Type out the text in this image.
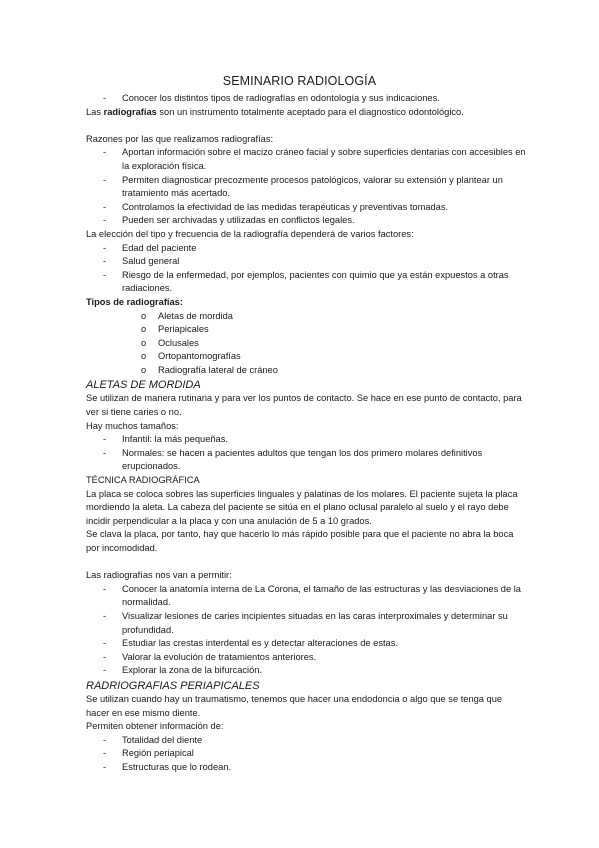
SEMINARIO RADIOLOGÍA
- Conocer los distintos tipos de radiografías en odontología y sus indicaciones.

Las radiografías son un instrumento totalmente aceptado para el diagnostico odontológico.

Razones por las que realizamos radiografías:

- Aportan información sobre el macizo cráneo facial y sobre superficies dentarias con accesibles en la exploración física.
- Permiten diagnosticar precozmente procesos patológicos, valorar su extensión y plantear un tratamiento más acertado.
- Controlamos la efectividad de las medidas terapéuticas y preventivas tomadas.
- Pueden ser archivadas y utilizadas en conflictos legales.

La elección del tipo y frecuencia de la radiografía dependerá de varios factores:

- Edad del paciente
- Salud general
- Riesgo de la enfermedad, por ejemplos, pacientes con quimio que ya están expuestos a otras radiaciones.

Tipos de radiografías:

o Aletas de mordida
o Periapicales
o Oclusales
o Ortopantomografías
o Radiografía lateral de cráneo

ALETAS DE MORDIDA

Se utilizan de manera rutinaria y para ver los puntos de contacto. Se hace en ese punto de contacto, para ver si tiene caries o no.

Hay muchos tamaños:

- Infantil: la más pequeñas.
- Normales: se hacen a pacientes adultos que tengan los dos primero molares definitivos erupcionados.

TÉCNICA RADIOGRÁFICA

La placa se coloca sobres las superficies linguales y palatinas de los molares. El paciente sujeta la placa mordiendo la aleta. La cabeza del paciente se sitúa en el plano oclusal paralelo al suelo y el rayo debe incidir perpendicular a la placa y con una anulación de 5 a 10 grados.

Se clava la placa, por tanto, hay que hacerlo lo más rápido posible para que el paciente no abra la boca por incomodidad.

Las radiografías nos van a permitir:

- Conocer la anatomía interna de La Corona, el tamaño de las estructuras y las desviaciones de la normalidad.
- Visualizar lesiones de caries incipientes situadas en las caras interproximales y determinar su profundidad.
- Estudiar las crestas interdental es y detectar alteraciones de estas.
- Valorar la evolución de tratamientos anteriores.
- Explorar la zona de la bifurcación.

RADRIOGRAFIAS PERIAPICALES

Se utilizan cuando hay un traumatismo, tenemos que hacer una endodoncia o algo que se tenga que hacer en ese mismo diente.

Permiten obtener información de:

- Totalidad del diente
- Región periapical
- Estructuras que lo rodean.
